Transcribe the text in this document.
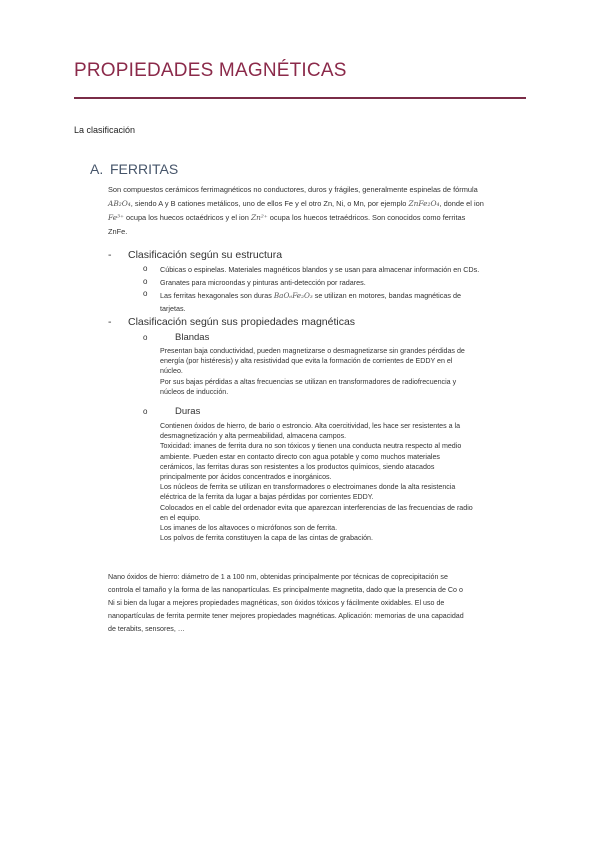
PROPIEDADES MAGNÉTICAS
La clasificación
A. FERRITAS
Son compuestos cerámicos ferrimagnéticos no conductores, duros y frágiles, generalmente espinelas de fórmula
AB₂O₄, siendo A y B cationes metálicos, uno de ellos Fe y el otro Zn, Ni, o Mn, por ejemplo ZnFe₂O₄, donde el ion
Fe³⁺ ocupa los huecos octaédricos y el ion Zn²⁺ ocupa los huecos tetraédricos. Son conocidos como ferritas
ZnFe.
- Clasificación según su estructura
o Cúbicas o espinelas. Materiales magnéticos blandos y se usan para almacenar información en CDs.
o Granates para microondas y pinturas anti-detección por radares.
o Las ferritas hexagonales son duras BaO₆Fe₂O₃ se utilizan en motores, bandas magnéticas de
tarjetas.
- Clasificación según sus propiedades magnéticas
o	Blandas

Presentan baja conductividad, pueden magnetizarse o desmagnetizarse sin grandes pérdidas de

energía (por histéresis) y alta resistividad que evita la formación de corrientes de EDDY en el

núcleo.

Por sus bajas pérdidas a altas frecuencias se utilizan en transformadores de radiofrecuencia y

núcleos de inducción.

o	Duras

Contienen óxidos de hierro, de bario o estroncio. Alta coercitividad, les hace ser resistentes a la

desmagnetización y alta permeabilidad, almacena campos.

Toxicidad: imanes de ferrita dura no son tóxicos y tienen una conducta neutra respecto al medio

ambiente. Pueden estar en contacto directo con agua potable y como muchos materiales

cerámicos, las ferritas duras son resistentes a los productos químicos, siendo atacados

principalmente por ácidos concentrados e inorgánicos.

Los núcleos de ferrita se utilizan en transformadores o electroimanes donde la alta resistencia

eléctrica de la ferrita da lugar a bajas pérdidas por corrientes EDDY.

Colocados en el cable del ordenador evita que aparezcan interferencias de las frecuencias de radio

en el equipo.

Los imanes de los altavoces o micrófonos son de ferrita.

Los polvos de ferrita constituyen la capa de las cintas de grabación.

Nano óxidos de hierro: diámetro de 1 a 100 nm, obtenidas principalmente por técnicas de coprecipitación se
controla el tamaño y la forma de las nanopartículas. Es principalmente magnetita, dado que la presencia de Co o
Ni si bien da lugar a mejores propiedades magnéticas, son óxidos tóxicos y fácilmente oxidables. El uso de
nanopartículas de ferrita permite tener mejores propiedades magnéticas. Aplicación: memorias de una capacidad
de terabits, sensores, …
